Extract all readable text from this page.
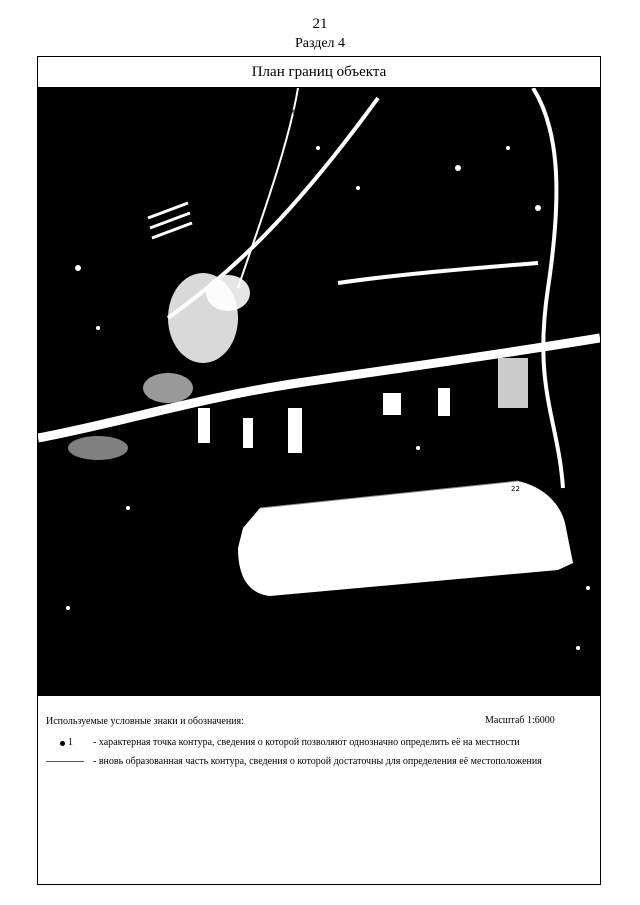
21
Раздел 4
План границ объекта
Yandex
Yandex
22
Используемые условные знаки и обозначения:	Масштаб 1:6000
1 - характерная точка контура, сведения о которой позволяют однозначно определить её на местности
- вновь образованная часть контура, сведения о которой достаточны для определения её местоположения
